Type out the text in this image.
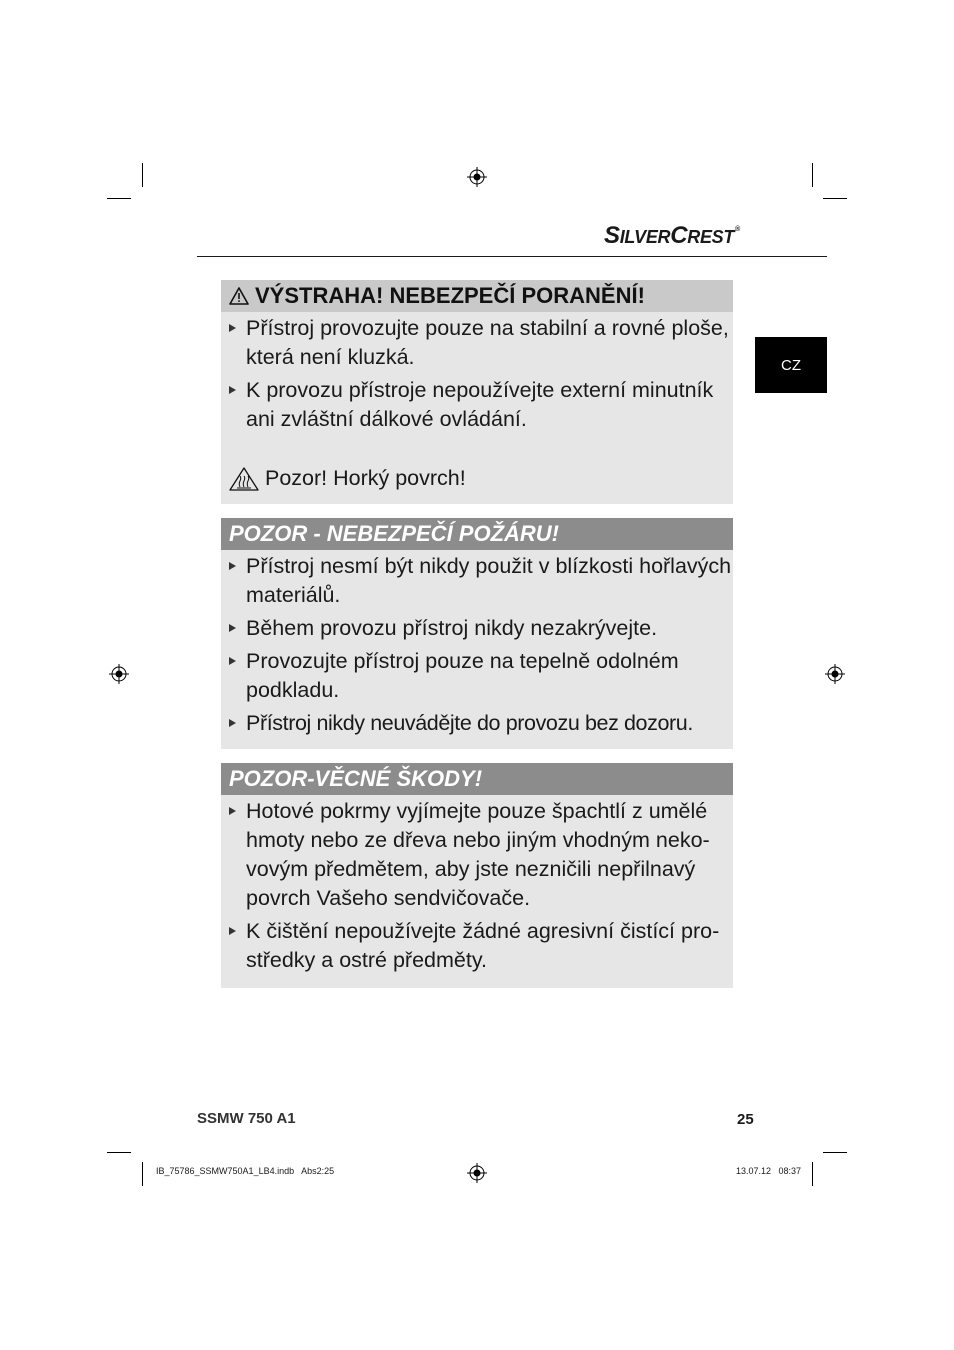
SILVERCREST®
CZ
VÝSTRAHA! NEBEZPEČÍ PORANĚNÍ!
Přístroj provozujte pouze na stabilní a rovné ploše, která není kluzká.
K provozu přístroje nepoužívejte externí minutník ani zvláštní dálkové ovládání.
Pozor! Horký povrch!
POZOR - NEBEZPEČÍ POŽÁRU!
Přístroj nesmí být nikdy použit v blízkosti hořlavých materiálů.
Během provozu přístroj nikdy nezakrývejte.
Provozujte přístroj pouze na tepelně odolném podkladu.
Přístroj nikdy neuvádějte do provozu bez dozoru.
POZOR-VĚCNÉ ŠKODY!
Hotové pokrmy vyjímejte pouze špachtlí z umělé hmoty nebo ze dřeva nebo jiným vhodným nekovovým předmětem, aby jste nezničili nepřilnavý povrch Vašeho sendvičovače.
K čištění nepoužívejte žádné agresivní čistící prostředky a ostré předměty.
SSMW 750 A1	25
IB_75786_SSMW750A1_LB4.indb   Abs2:25	13.07.12   08:37
